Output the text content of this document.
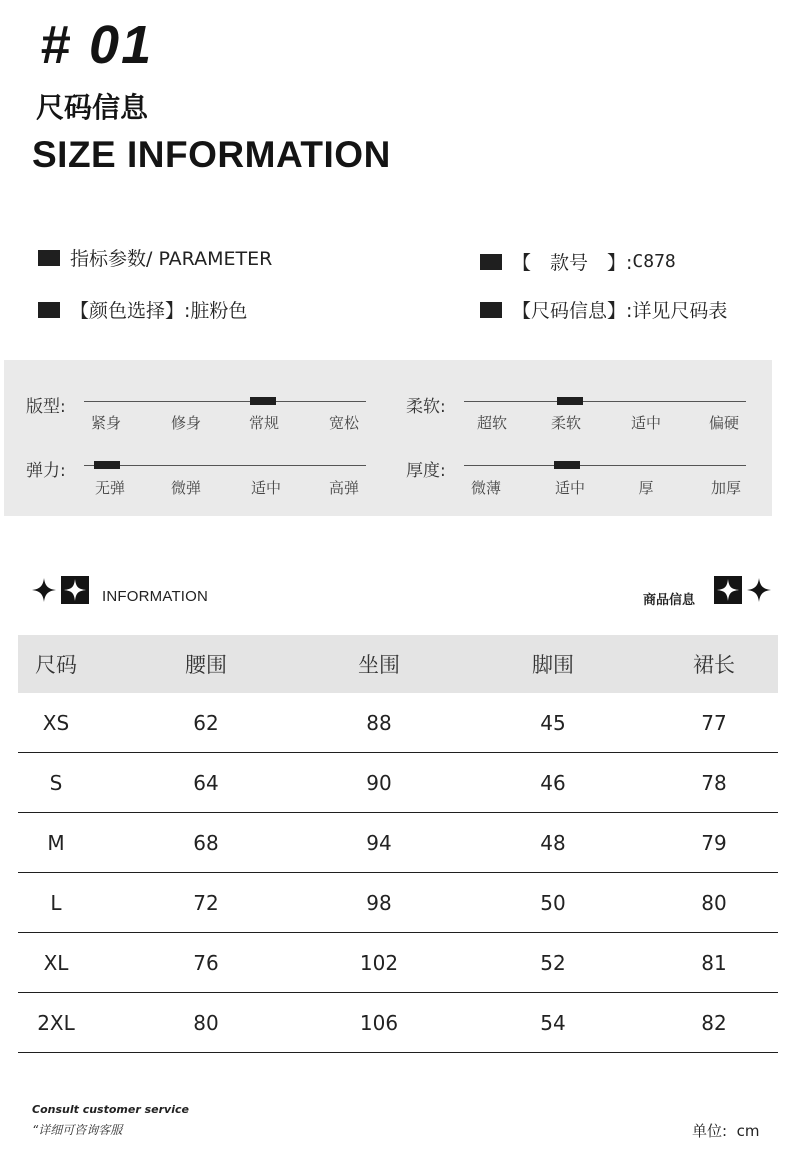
# 01
尺码信息
SIZE INFORMATION
指标参数/ PARAMETER
【颜色选择】: 脏粉色
【　款号　】: C878
【尺码信息】: 详见尺码表
版型:
紧身	修身	常规	宽松
柔软:
超软	柔软	适中	偏硬
弹力:
无弹	微弹	适中	高弹
厚度:
微薄	适中	厚	加厚
INFORMATION	商品信息
尺码	腰围	坐围	脚围	裙长
XS	62	88	45	77
S	64	90	46	78
M	68	94	48	79
L	72	98	50	80
XL	76	102	52	81
2XL	80	106	54	82
Consult customer service
“详细可咨询客服	单位:  cm
